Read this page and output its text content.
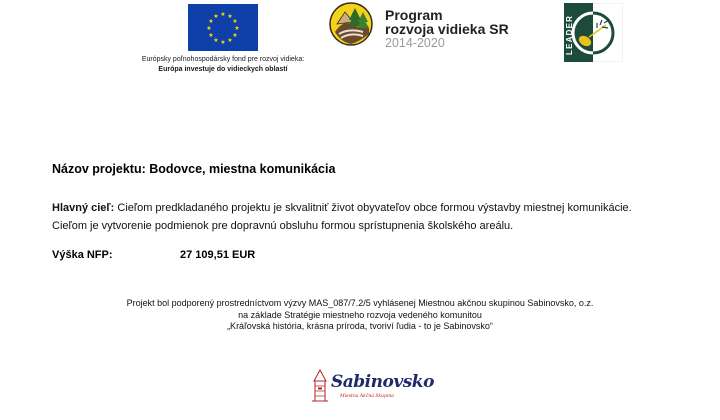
★ ★
★
★
★
★
★
★
★
★
★
★
Európsky poľnohospodársky fond pre rozvoj vidieka:
Európa investuje do vidieckych oblastí
Program
rozvoja vidieka SR
2014-2020	LEADER
Názov projektu: Bodovce, miestna komunikácia
Hlavný cieľ: Cieľom predkladaného projektu je skvalitniť život obyvateľov obce formou výstavby miestnej komunikácie.
Cieľom je vytvorenie podmienok pre dopravnú obsluhu formou sprístupnenia školského areálu.
Výška NFP:	27 109,51 EUR
Projekt bol podporený prostredníctvom výzvy MAS_087/7.2/5 vyhlásenej Miestnou akčnou skupinou Sabinovsko, o.z.
na základe Stratégie miestneho rozvoja vedeného komunitou
„Kráľovská história, krásna príroda, tvoriví ľudia - to je Sabinovsko“
Sabinovsko
Miestna Akčná Skupina
